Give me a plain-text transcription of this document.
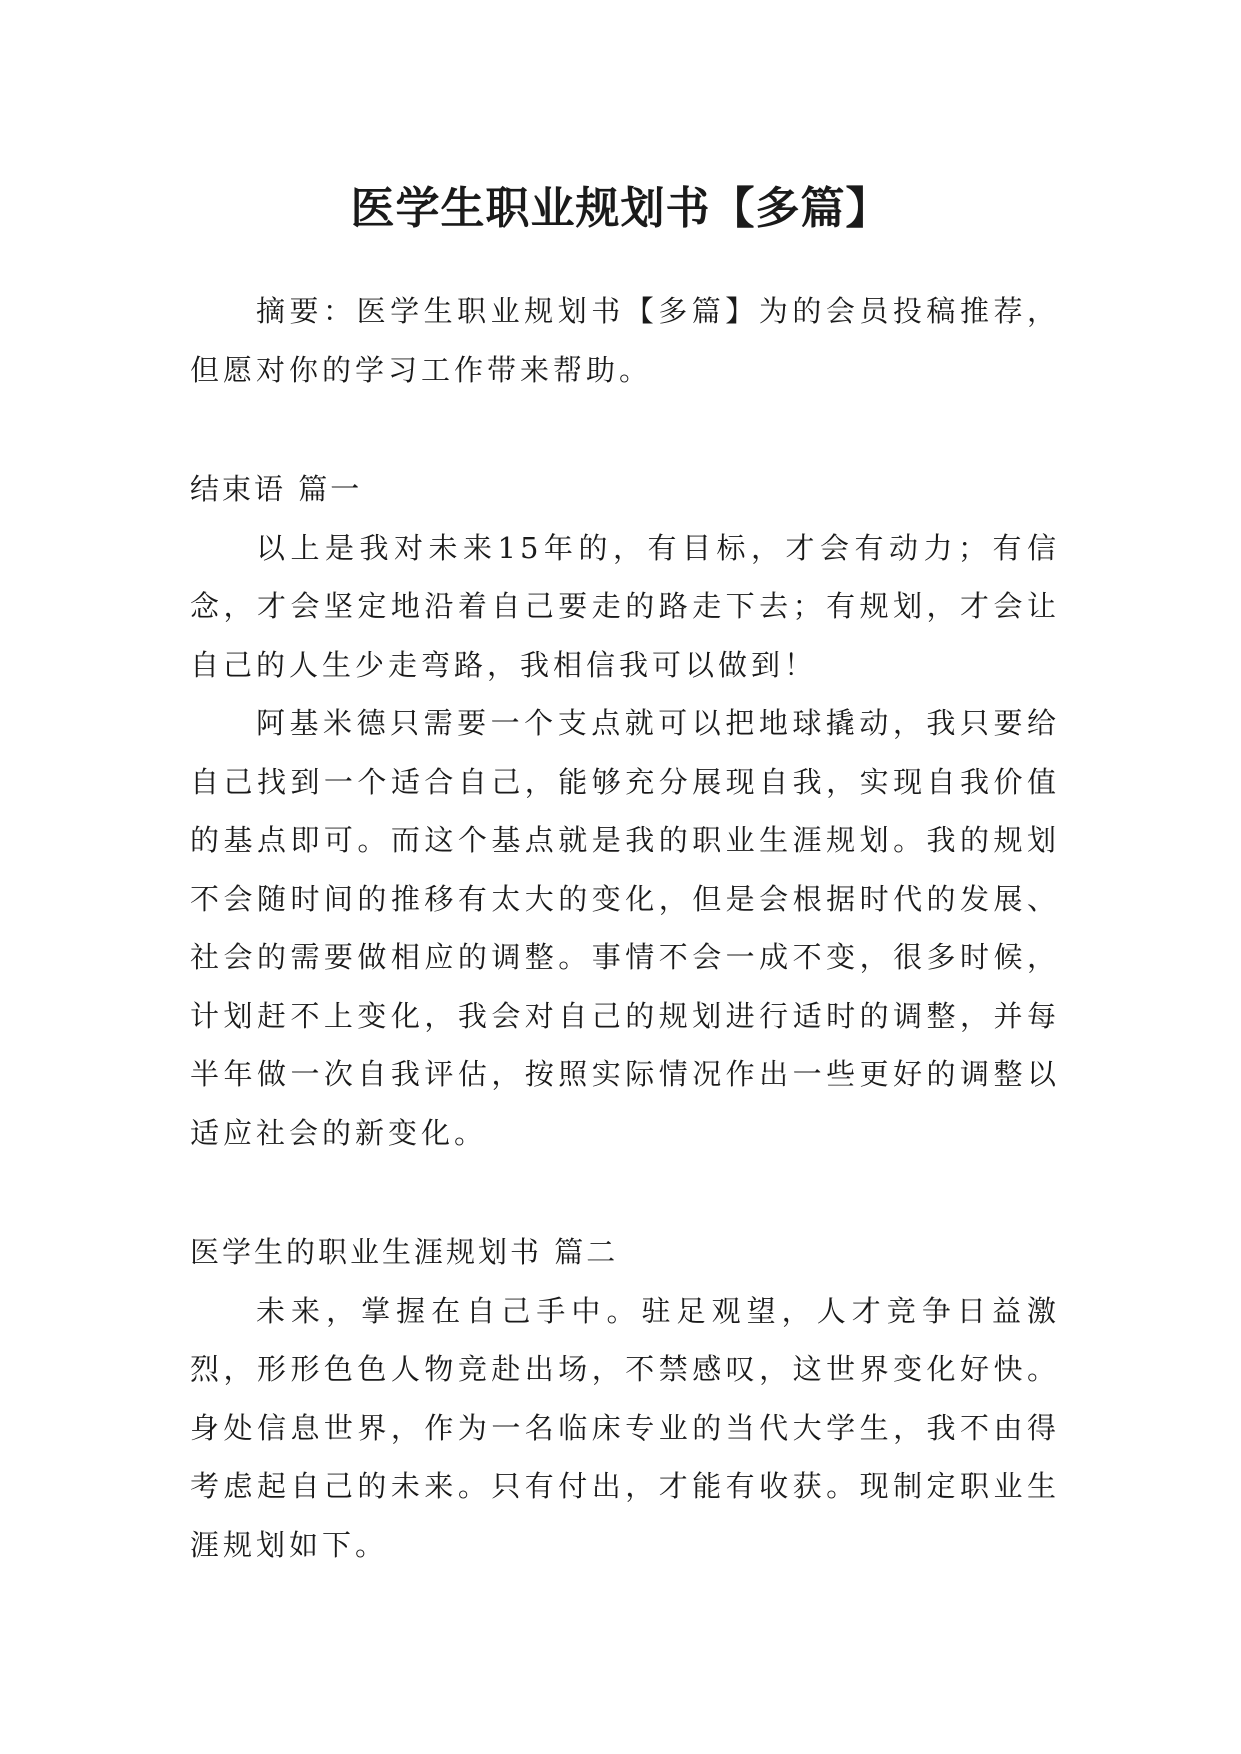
医学生职业规划书【多篇】

摘要：医学生职业规划书【多篇】为的会员投稿推荐，但愿对你的学习工作带来帮助。

结束语 篇一

以上是我对未来15年的，有目标，才会有动力；有信念，才会坚定地沿着自己要走的路走下去；有规划，才会让自己的人生少走弯路，我相信我可以做到！

阿基米德只需要一个支点就可以把地球撬动，我只要给自己找到一个适合自己，能够充分展现自我，实现自我价值的基点即可。而这个基点就是我的职业生涯规划。我的规划不会随时间的推移有太大的变化，但是会根据时代的发展、社会的需要做相应的调整。事情不会一成不变，很多时候，计划赶不上变化，我会对自己的规划进行适时的调整，并每半年做一次自我评估，按照实际情况作出一些更好的调整以适应社会的新变化。

医学生的职业生涯规划书 篇二

未来，掌握在自己手中。驻足观望，人才竞争日益激烈，形形色色人物竞赴出场，不禁感叹，这世界变化好快。身处信息世界，作为一名临床专业的当代大学生，我不由得考虑起自己的未来。只有付出，才能有收获。现制定职业生涯规划如下。
